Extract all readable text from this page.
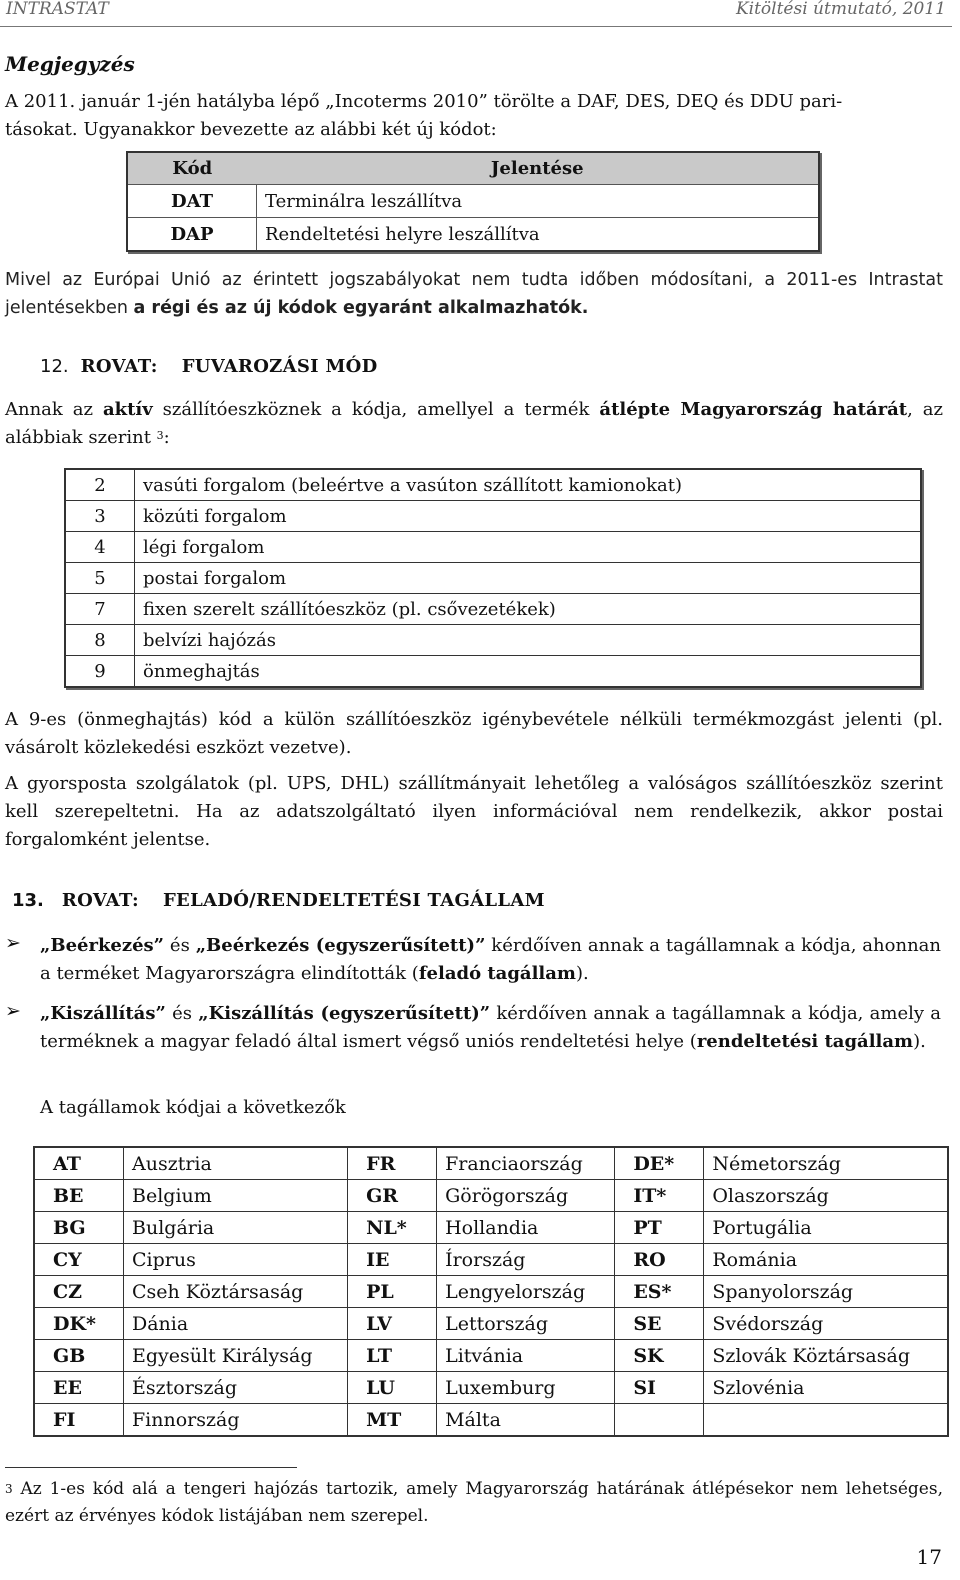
INTRASTAT	Kitöltési útmutató, 2011
Megjegyzés
A 2011. január 1-jén hatályba lépő „Incoterms 2010” törölte a DAF, DES, DEQ és DDU pari-
tásokat. Ugyanakkor bevezette az alábbi két új kódot:
Kód	Jelentése
DAT	Terminálra leszállítva
DAP	Rendeltetési helyre leszállítva
Mivel az Európai Unió az érintett jogszabályokat nem tudta időben módosítani, a 2011-es Intrastat jelentésekben a régi és az új kódok egyaránt alkalmazhatók.
12. ROVAT: FUVAROZÁSI MÓD
Annak az aktív szállítóeszköznek a kódja, amellyel a termék átlépte Magyarország határát, az alábbiak szerint $^3$:
2	vasúti forgalom (beleértve a vasúton szállított kamionokat)
3	közúti forgalom
4	légi forgalom
5	postai forgalom
7	fixen szerelt szállítóeszköz (pl. csővezetékek)
8	belvízi hajózás
9	önmeghajtás
A 9-es (önmeghajtás) kód a külön szállítóeszköz igénybevétele nélküli termékmozgást jelenti (pl. vásárolt közlekedési eszközt vezetve).
A gyorsposta szolgálatok (pl. UPS, DHL) szállítmányait lehetőleg a valóságos szállítóeszköz szerint kell szerepeltetni. Ha az adatszolgáltató ilyen információval nem rendelkezik, akkor postai forgalomként jelentse.
13. ROVAT: FELADÓ/RENDELTETÉSI TAGÁLLAM
➢ „Beérkezés” és „Beérkezés (egyszerűsített)” kérdőíven annak a tagállamnak a kódja, ahonnan a terméket Magyarországra elindították (feladó tagállam).
➢ „Kiszállítás” és „Kiszállítás (egyszerűsített)” kérdőíven annak a tagállamnak a kódja, amely a terméknek a magyar feladó által ismert végső uniós rendeltetési helye (rendeltetési tagállam).
A tagállamok kódjai a következők
AT	Ausztria	FR	Franciaország	DE*	Németország
BE	Belgium	GR	Görögország	IT*	Olaszország
BG	Bulgária	NL*	Hollandia	PT	Portugália
CY	Ciprus	IE	Írország	RO	Románia
CZ	Cseh Köztársaság	PL	Lengyelország	ES*	Spanyolország
DK*	Dánia	LV	Lettország	SE	Svédország
GB	Egyesült Királyság	LT	Litvánia	SK	Szlovák Köztársaság
EE	Észtország	LU	Luxemburg	SI	Szlovénia
FI	Finnország	MT	Málta		
$^3$ Az 1-es kód alá a tengeri hajózás tartozik, amely Magyarország határának átlépésekor nem lehetséges, ezért az érvényes kódok listájában nem szerepel.
17
